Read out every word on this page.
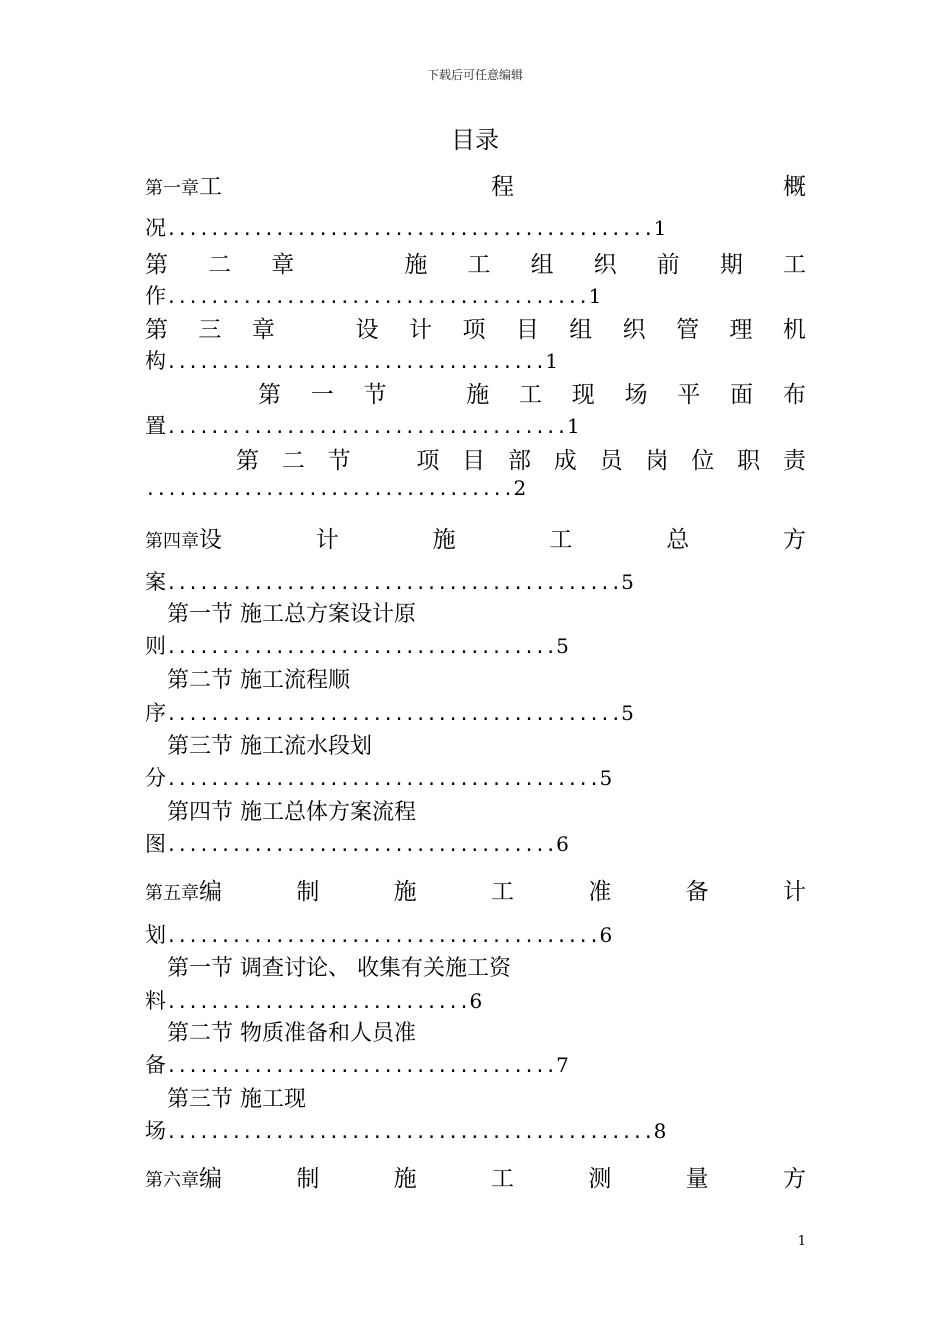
下载后可任意编辑
目录
第一章工	程	概
况.............................................1
第 二 章	施 工 组 织 前 期 工
作.......................................1
第 三 章	设 计 项 目 组 织 管 理 机
构...................................1
第 一 节	施 工 现 场 平 面 布
置.....................................1
第 二 节	项 目 部 成 员 岗 位 职 责
..................................2
第四章设	计	施	工	总	方
案..........................................5
第一节 施工总方案设计原
则....................................5
第二节 施工流程顺
序..........................................5
第三节 施工流水段划
分........................................5
第四节 施工总体方案流程
图....................................6
第五章编	制	施	工	准	备	计
划........................................6
第一节 调查讨论、 收集有关施工资
料............................6
第二节 物质准备和人员准
备....................................7
第三节 施工现
场.............................................8
第六章编	制	施	工	测	量	方
1
